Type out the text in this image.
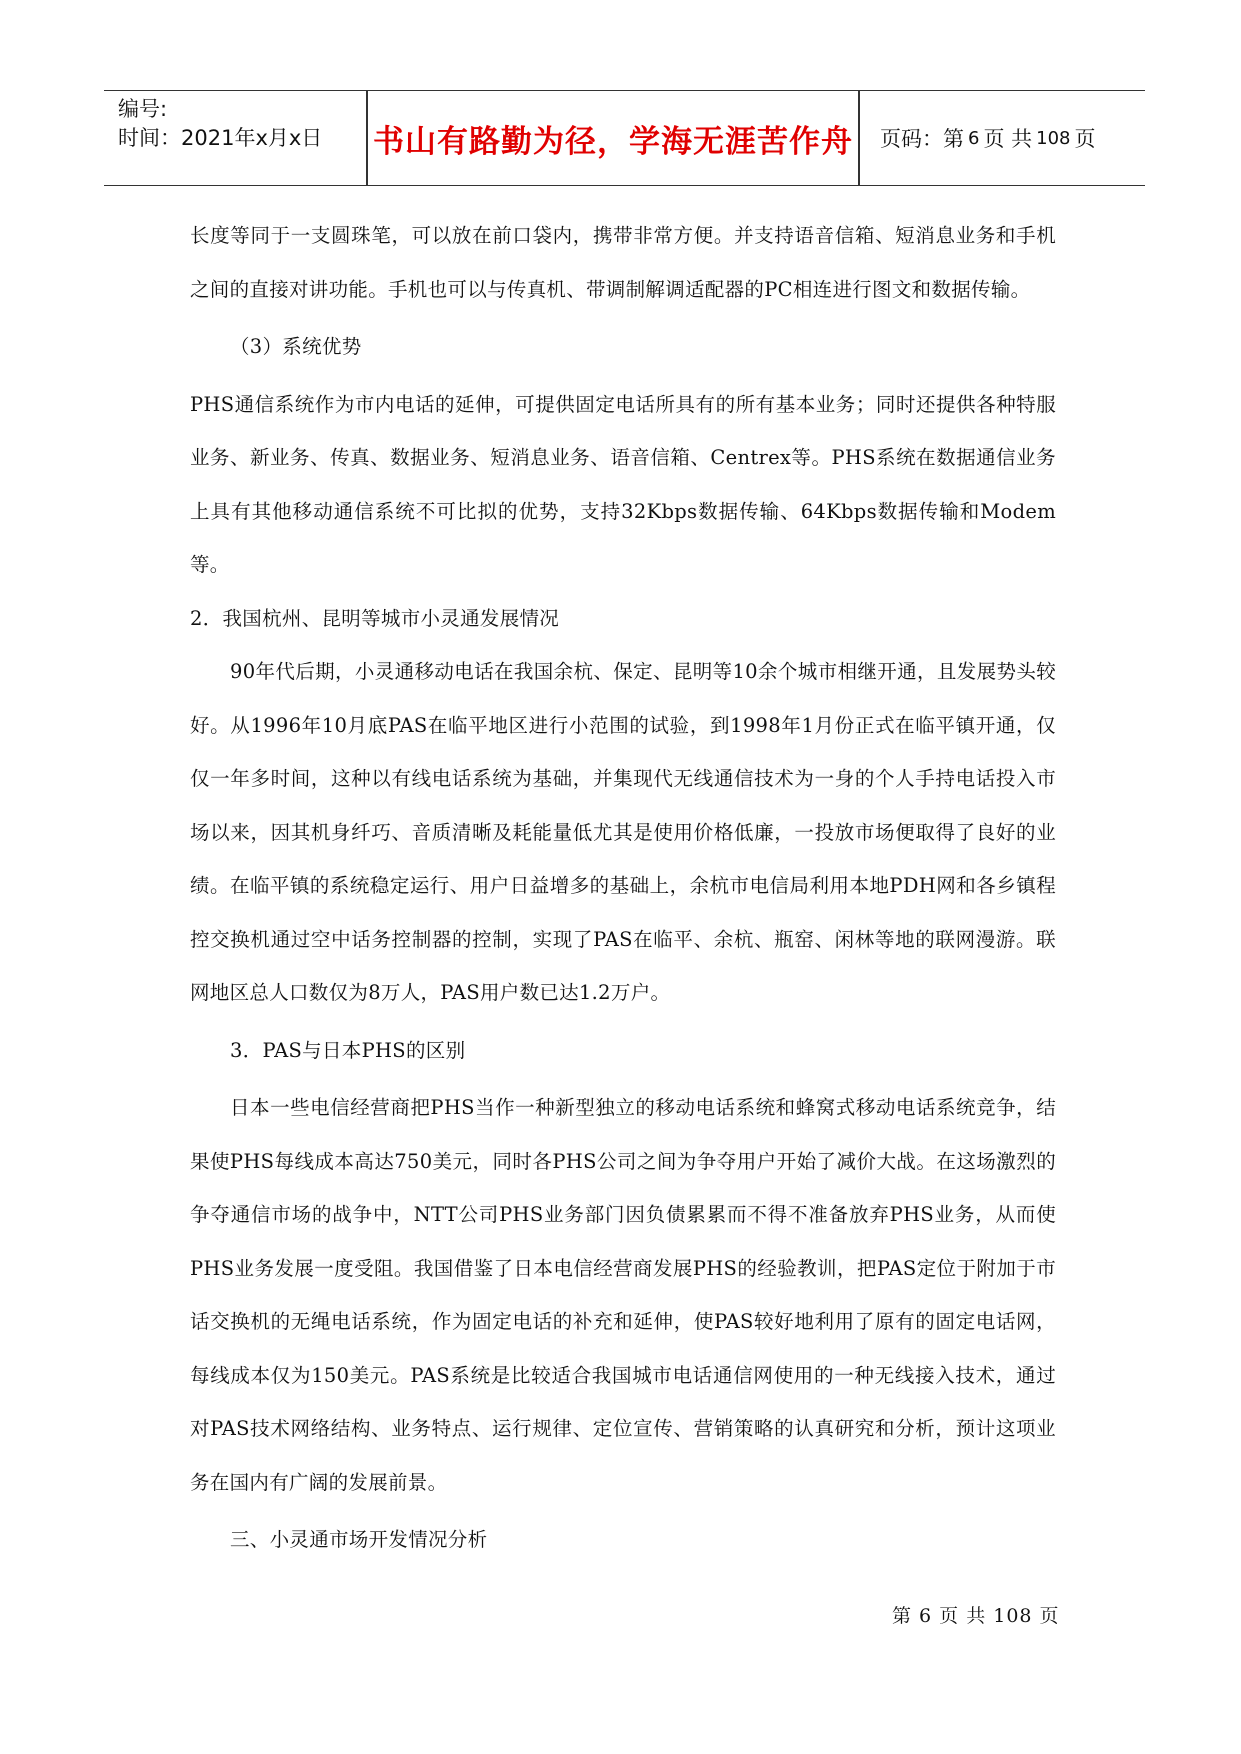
编号:
时间：2021年x月x日	书山有路勤为径，学海无涯苦作舟 页码：第 6 页 共 108 页

长度等同于一支圆珠笔，可以放在前口袋内，携带非常方便。并支持语音信箱、短消息业务和手机之间的直接对讲功能。手机也可以与传真机、带调制解调适配器的PC相连进行图文和数据传输。

（3）系统优势

PHS通信系统作为市内电话的延伸，可提供固定电话所具有的所有基本业务；同时还提供各种特服业务、新业务、传真、数据业务、短消息业务、语音信箱、Centrex等。PHS系统在数据通信业务上具有其他移动通信系统不可比拟的优势，支持32Kbps数据传输、64Kbps数据传输和Modem等。

2．我国杭州、昆明等城市小灵通发展情况

90年代后期，小灵通移动电话在我国余杭、保定、昆明等10余个城市相继开通，且发展势头较好。从1996年10月底PAS在临平地区进行小范围的试验，到1998年1月份正式在临平镇开通，仅仅一年多时间，这种以有线电话系统为基础，并集现代无线通信技术为一身的个人手持电话投入市场以来，因其机身纤巧、音质清晰及耗能量低尤其是使用价格低廉，一投放市场便取得了良好的业绩。在临平镇的系统稳定运行、用户日益增多的基础上，余杭市电信局利用本地PDH网和各乡镇程控交换机通过空中话务控制器的控制，实现了PAS在临平、余杭、瓶窑、闲林等地的联网漫游。联网地区总人口数仅为8万人，PAS用户数已达1.2万户。

3．PAS与日本PHS的区别

日本一些电信经营商把PHS当作一种新型独立的移动电话系统和蜂窝式移动电话系统竞争，结果使PHS每线成本高达750美元，同时各PHS公司之间为争夺用户开始了减价大战。在这场激烈的争夺通信市场的战争中，NTT公司PHS业务部门因负债累累而不得不准备放弃PHS业务，从而使PHS业务发展一度受阻。我国借鉴了日本电信经营商发展PHS的经验教训，把PAS定位于附加于市话交换机的无绳电话系统，作为固定电话的补充和延伸，使PAS较好地利用了原有的固定电话网，每线成本仅为150美元。PAS系统是比较适合我国城市电话通信网使用的一种无线接入技术，通过对PAS技术网络结构、业务特点、运行规律、定位宣传、营销策略的认真研究和分析，预计这项业务在国内有广阔的发展前景。

三、小灵通市场开发情况分析

第 6 页 共 108 页
